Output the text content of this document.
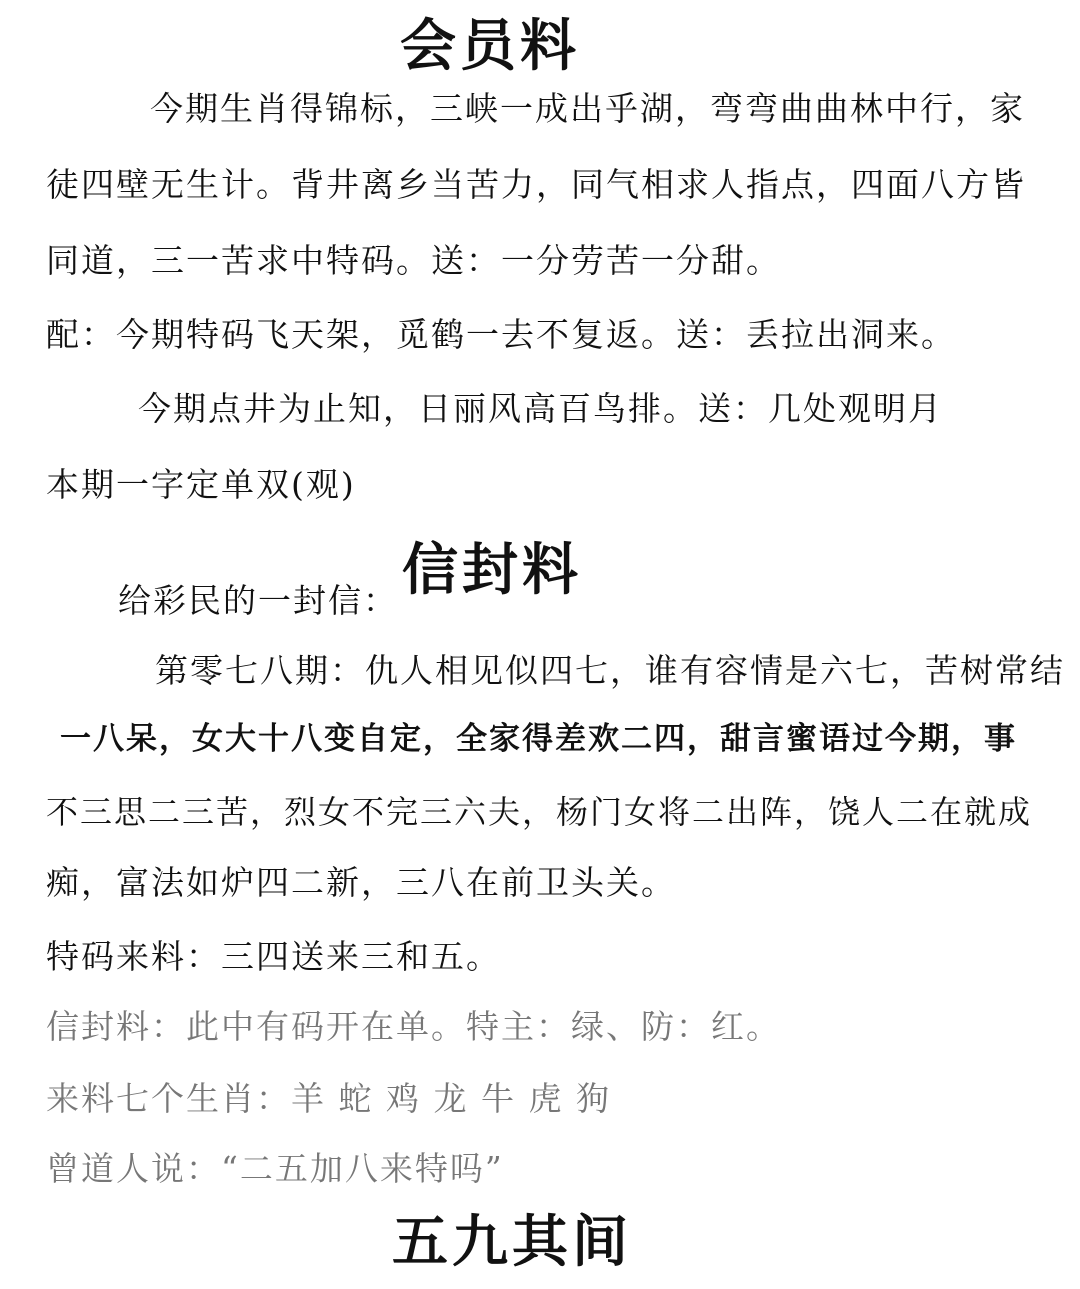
会员料
今期生肖得锦标，三峡一成出乎湖，弯弯曲曲林中行，家
徒四壁无生计。背井离乡当苦力，同气相求人指点，四面八方皆
同道，三一苦求中特码。送：一分劳苦一分甜。
配：今期特码飞天架，觅鹤一去不复返。送：丢拉出洞来。
今期点井为止知，日丽风高百鸟排。送：几处观明月
本期一字定单双(观)
给彩民的一封信： 信封料
第零七八期：仇人相见似四七，谁有容情是六七，苦树常结
一八呆，女大十八变自定，全家得差欢二四，甜言蜜语过今期，事
不三思二三苦，烈女不完三六夫，杨门女将二出阵，饶人二在就成
痴，富法如炉四二新，三八在前卫头关。
特码来料：三四送来三和五。
信封料：此中有码开在单。特主：绿、防：红。
来料七个生肖：羊 蛇 鸡 龙 牛 虎 狗
曾道人说：“二五加八来特吗”
五九其间
